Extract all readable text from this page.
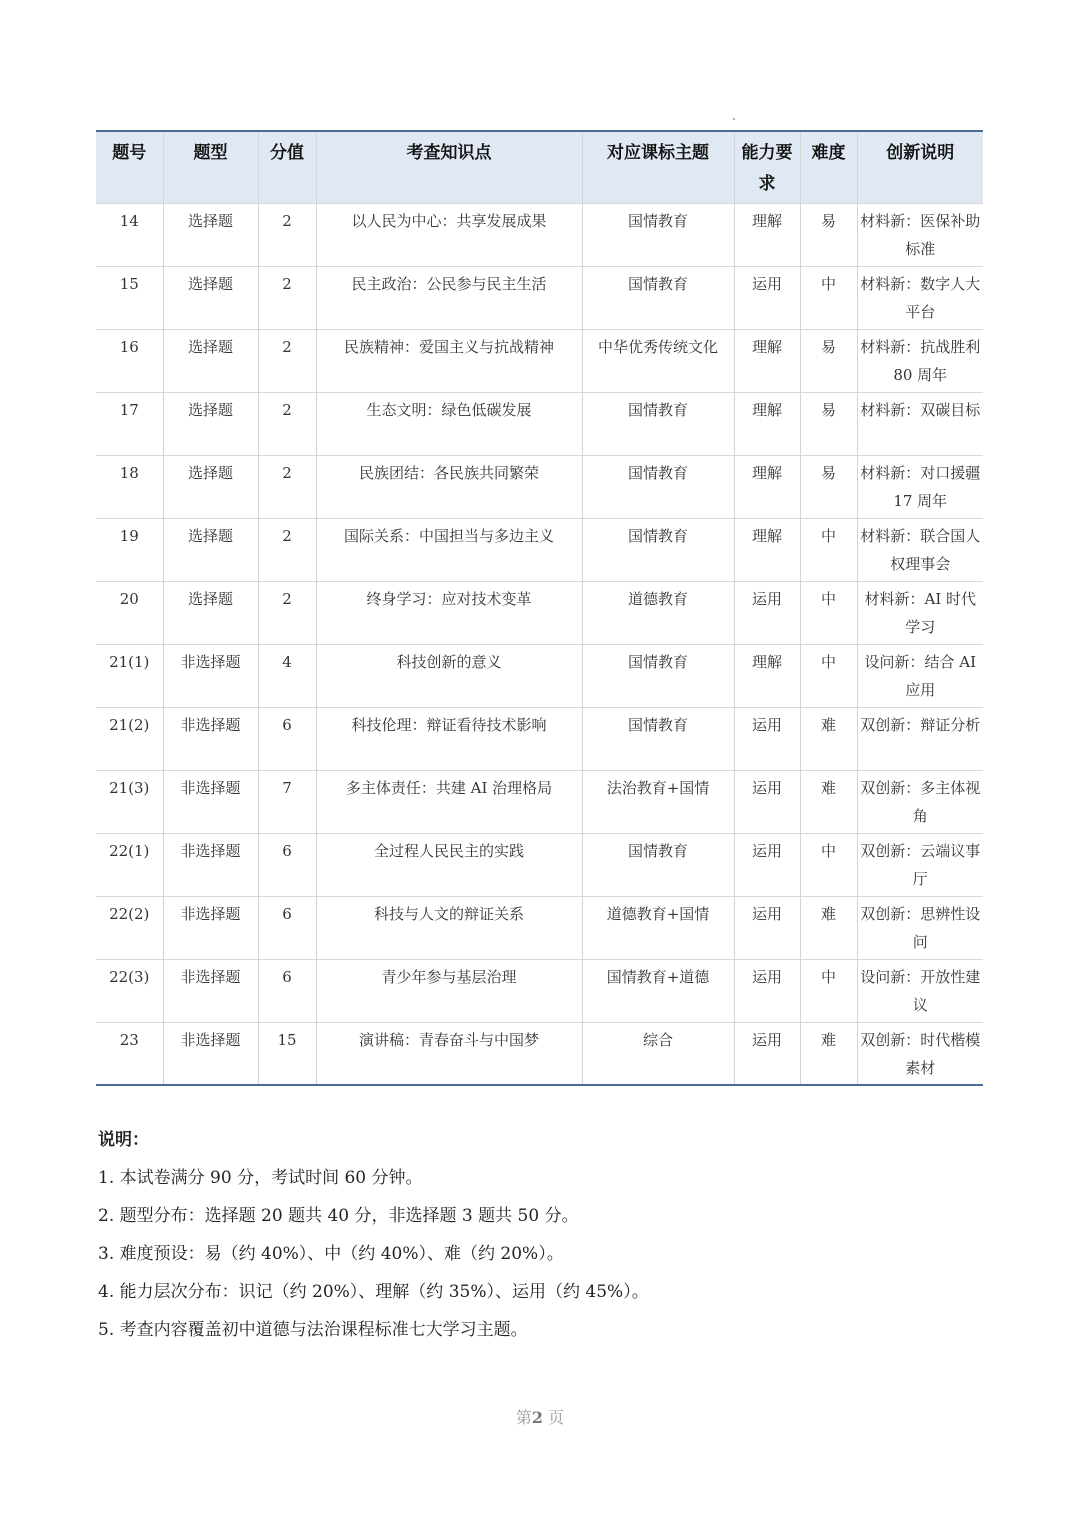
题号	题型	分值	考查知识点	对应课标主题	能力要求	难度	创新说明
14	选择题	2	以人民为中心：共享发展成果	国情教育	理解	易	材料新：医保补助标准
15	选择题	2	民主政治：公民参与民主生活	国情教育	运用	中	材料新：数字人大平台
16	选择题	2	民族精神：爱国主义与抗战精神	中华优秀传统文化	理解	易	材料新：抗战胜利 80 周年
17	选择题	2	生态文明：绿色低碳发展	国情教育	理解	易	材料新：双碳目标
18	选择题	2	民族团结：各民族共同繁荣	国情教育	理解	易	材料新：对口援疆 17 周年
19	选择题	2	国际关系：中国担当与多边主义	国情教育	理解	中	材料新：联合国人权理事会
20	选择题	2	终身学习：应对技术变革	道德教育	运用	中	材料新：AI 时代学习
21(1)	非选择题	4	科技创新的意义	国情教育	理解	中	设问新：结合 AI 应用
21(2)	非选择题	6	科技伦理：辩证看待技术影响	国情教育	运用	难	双创新：辩证分析
21(3)	非选择题	7	多主体责任：共建 AI 治理格局	法治教育+国情	运用	难	双创新：多主体视角
22(1)	非选择题	6	全过程人民民主的实践	国情教育	运用	中	双创新：云端议事厅
22(2)	非选择题	6	科技与人文的辩证关系	道德教育+国情	运用	难	双创新：思辨性设问
22(3)	非选择题	6	青少年参与基层治理	国情教育+道德	运用	中	设问新：开放性建议
23	非选择题	15	演讲稿：青春奋斗与中国梦	综合	运用	难	双创新：时代楷模素材
说明：
1. 本试卷满分 90 分，考试时间 60 分钟。
2. 题型分布：选择题 20 题共 40 分，非选择题 3 题共 50 分。
3. 难度预设：易（约 40%）、中（约 40%）、难（约 20%）。
4. 能力层次分布：识记（约 20%）、理解（约 35%）、运用（约 45%）。
5. 考查内容覆盖初中道德与法治课程标准七大学习主题。
第2 页
